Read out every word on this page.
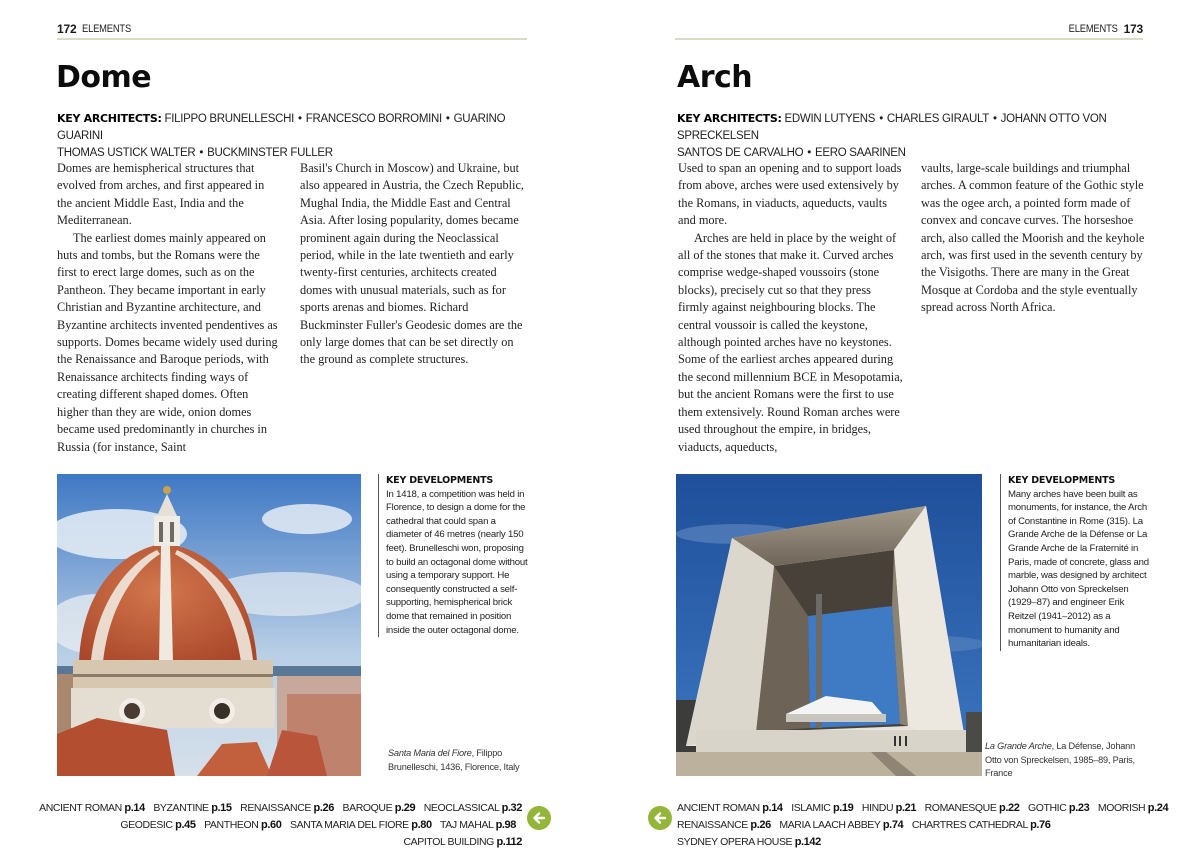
172 ELEMENTS
Dome
KEY ARCHITECTS: FILIPPO BRUNELLESCHI • FRANCESCO BORROMINI • GUARINO GUARINI
THOMAS USTICK WALTER • BUCKMINSTER FULLER

Domes are hemispherical structures that evolved from arches, and first appeared in the ancient Middle East, India and the Mediterranean.

The earliest domes mainly appeared on huts and tombs, but the Romans were the first to erect large domes, such as on the Pantheon. They became important in early Christian and Byzantine architecture, and Byzantine architects invented pendentives as supports. Domes became widely used during the Renaissance and Baroque periods, with Renaissance architects finding ways of creating different shaped domes. Often higher than they are wide, onion domes became used predominantly in churches in Russia (for instance, Saint

Basil's Church in Moscow) and Ukraine, but also appeared in Austria, the Czech Republic, Mughal India, the Middle East and Central Asia. After losing popularity, domes became prominent again during the Neoclassical period, while in the late twentieth and early twenty-first centuries, architects created domes with unusual materials, such as for sports arenas and biomes. Richard Buckminster Fuller's Geodesic domes are the only large domes that can be set directly on the ground as complete structures.

KEY DEVELOPMENTS
In 1418, a competition was held in Florence, to design a dome for the cathedral that could span a diameter of 46 metres (nearly 150 feet). Brunelleschi won, proposing to build an octagonal dome without using a temporary support. He consequently constructed a self-supporting, hemispherical brick dome that remained in position inside the outer octagonal dome.
Santa Maria del Fiore, Filippo Brunelleschi, 1436, Florence, Italy
ANCIENT ROMAN p.14 BYZANTINE p.15 RENAISSANCE p.26 BAROQUE p.29 NEOCLASSICAL p.32
GEODESIC p.45 PANTHEON p.60 SANTA MARIA DEL FIORE p.80 TAJ MAHAL p.98 CAPITOL BUILDING p.112
ELEMENTS 173
Arch
KEY ARCHITECTS: EDWIN LUTYENS • CHARLES GIRAULT • JOHANN OTTO VON SPRECKELSEN
SANTOS DE CARVALHO • EERO SAARINEN

Used to span an opening and to support loads from above, arches were used extensively by the Romans, in viaducts, aqueducts, vaults and more.

Arches are held in place by the weight of all of the stones that make it. Curved arches comprise wedge-shaped voussoirs (stone blocks), precisely cut so that they press firmly against neighbouring blocks. The central voussoir is called the keystone, although pointed arches have no keystones. Some of the earliest arches appeared during the second millennium BCE in Mesopotamia, but the ancient Romans were the first to use them extensively. Round Roman arches were used throughout the empire, in bridges, viaducts, aqueducts,

vaults, large-scale buildings and triumphal arches. A common feature of the Gothic style was the ogee arch, a pointed form made of convex and concave curves. The horseshoe arch, also called the Moorish and the keyhole arch, was first used in the seventh century by the Visigoths. There are many in the Great Mosque at Cordoba and the style eventually spread across North Africa.

KEY DEVELOPMENTS
Many arches have been built as monuments, for instance, the Arch of Constantine in Rome (315). La Grande Arche de la Défense or La Grande Arche de la Fraternité in Paris, made of concrete, glass and marble, was designed by architect Johann Otto von Spreckelsen (1929–87) and engineer Erik Reitzel (1941–2012) as a monument to humanity and humanitarian ideals.
La Grande Arche, La Défense, Johann Otto von Spreckelsen, 1985–89, Paris, France
ANCIENT ROMAN p.14 ISLAMIC p.19 HINDU p.21 ROMANESQUE p.22 GOTHIC p.23 MOORISH p.24
RENAISSANCE p.26 MARIA LAACH ABBEY p.74 CHARTRES CATHEDRAL p.76 SYDNEY OPERA HOUSE p.142
